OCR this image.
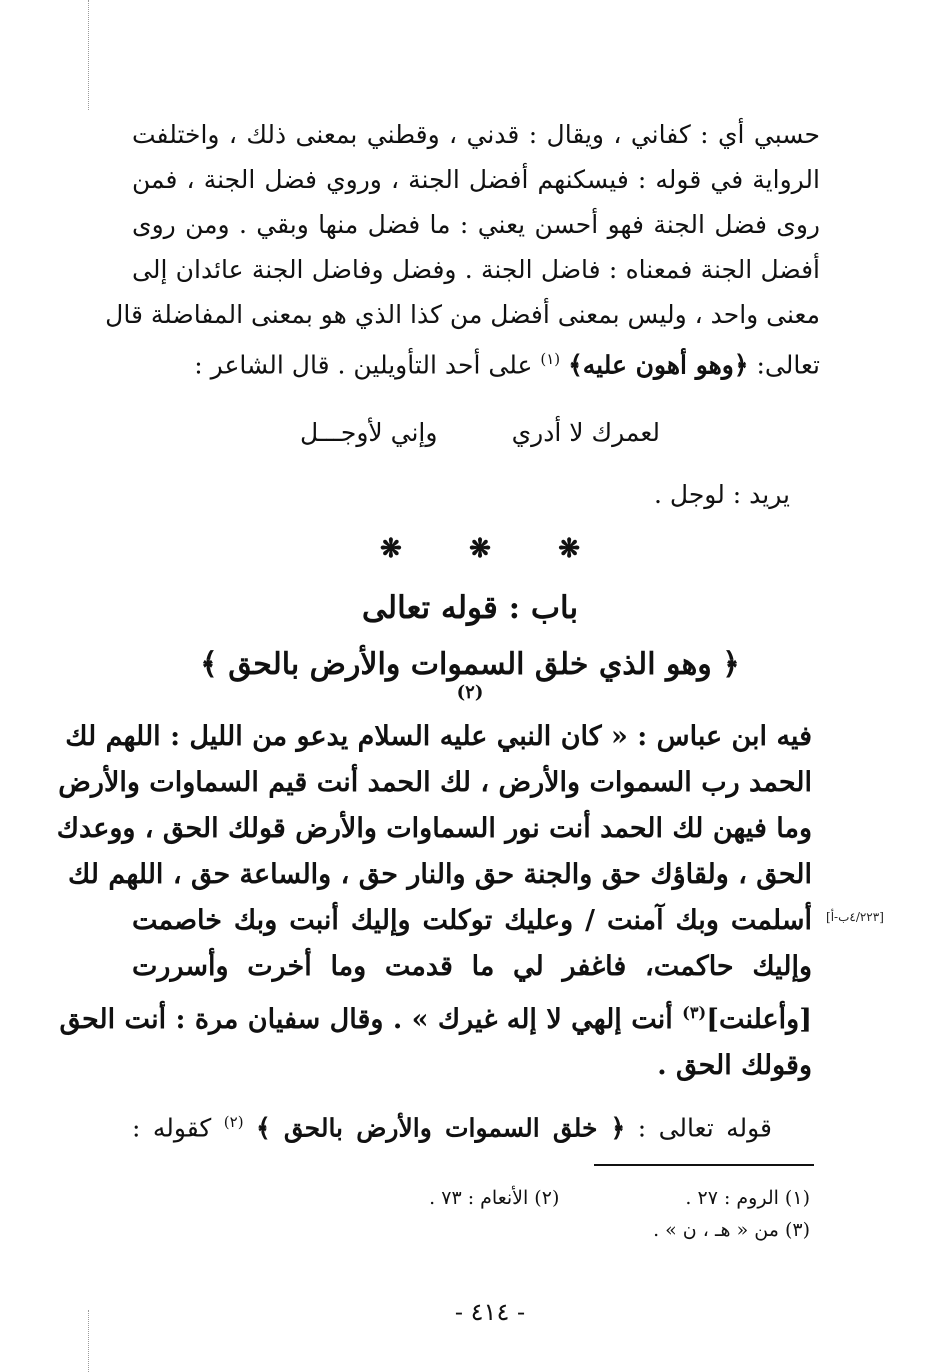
حسبي أي : كفاني ، ويقال : قدني ، وقطني بمعنى ذلك ، واختلفت
الرواية في قوله : فيسكنهم أفضل الجنة ، وروي فضل الجنة ، فمن
روى فضل الجنة فهو أحسن يعني : ما فضل منها وبقي . ومن روى
أفضل الجنة فمعناه : فاضل الجنة . وفضل وفاضل الجنة عائدان إلى
معنى واحد ، وليس بمعنى أفضل من كذا الذي هو بمعنى المفاضلة قال
تعالى: ﴿وهو أهون عليه﴾ $^{(١)}$ على أحد التأويلين . قال الشاعر :
لعمرك لا أدري
وإني لأوجـــل
يريد : لوجل .
❋	❋	❋
باب : قوله تعالى
﴿ وهو الذي خلق السموات والأرض بالحق ﴾ $^{(٢)}$
فيه ابن عباس : « كان النبي عليه السلام يدعو من الليل : اللهم لك
الحمد رب السموات والأرض ، لك الحمد أنت قيم السماوات والأرض
وما فيهن لك الحمد أنت نور السماوات والأرض قولك الحق ، ووعدك
الحق ، ولقاؤك حق والجنة حق والنار حق ، والساعة حق ، اللهم لك
أسلمت وبك آمنت / وعليك توكلت وإليك أنبت وبك خاصمت
وإليك حاكمت، فاغفر لي ما قدمت وما أخرت وأسررت
[وأعلنت]$^{(٣)}$ أنت إلهي لا إله غيرك » . وقال سفيان مرة : أنت الحق
وقولك الحق .
[٤/٢٢٣ب-أ]
قوله تعالى : ﴿ خلق السموات والأرض بالحق ﴾ $^{(٢)}$ كقوله :
(١) الروم : ٢٧ . (٢) الأنعام : ٧٣ .
(٣) من « هـ ، ن » .
- ٤١٤ -
